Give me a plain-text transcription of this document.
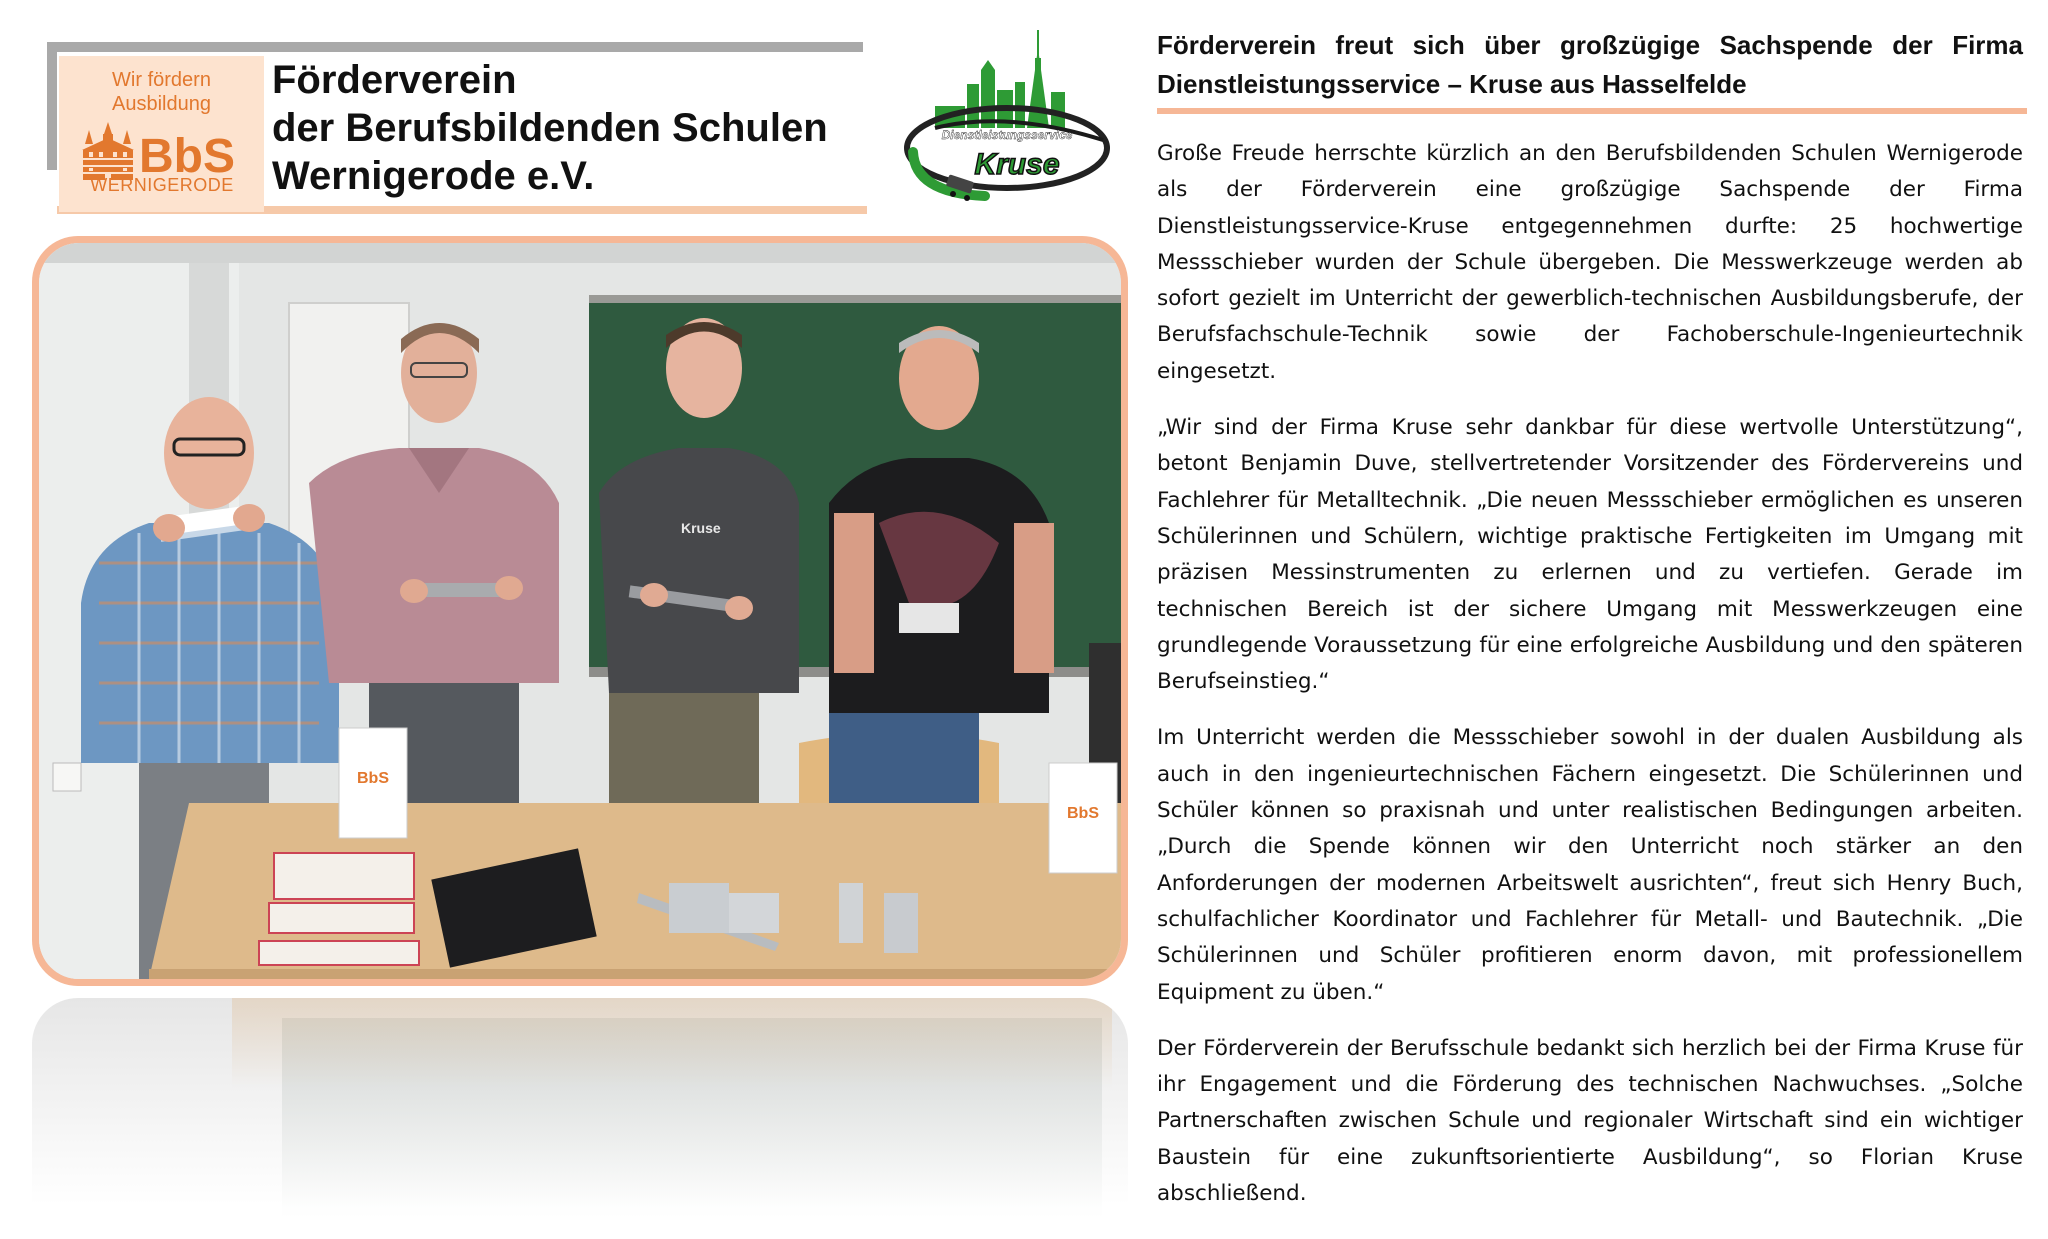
Wir fördern
Ausbildung
BbS
WERNIGERODE
Förderverein
der Berufsbildenden Schulen
Wernigerode e.V.
Dienstleistungsservice
Kruse
Kruse
BbS
BbS
Förderverein freut sich über großzügige Sachspende der Firma Dienstleistungsservice – Kruse aus Hasselfelde

Große Freude herrschte kürzlich an den Berufsbildenden Schulen Wernigerode als der Förderverein eine großzügige Sachspende der Firma Dienstleistungsservice-Kruse entgegennehmen durfte: 25 hochwertige Messschieber wurden der Schule übergeben. Die Messwerkzeuge werden ab sofort gezielt im Unterricht der gewerblich-technischen Ausbildungsberufe, der Berufsfachschule-Technik sowie der Fachoberschule-Ingenieurtechnik eingesetzt.

„Wir sind der Firma Kruse sehr dankbar für diese wertvolle Unterstützung“, betont Benjamin Duve, stellvertretender Vorsitzender des Fördervereins und Fachlehrer für Metalltechnik. „Die neuen Messschieber ermöglichen es unseren Schülerinnen und Schülern, wichtige praktische Fertigkeiten im Umgang mit präzisen Messinstrumenten zu erlernen und zu vertiefen. Gerade im technischen Bereich ist der sichere Umgang mit Messwerkzeugen eine grundlegende Voraussetzung für eine erfolgreiche Ausbildung und den späteren Berufseinstieg.“

Im Unterricht werden die Messschieber sowohl in der dualen Ausbildung als auch in den ingenieurtechnischen Fächern eingesetzt. Die Schülerinnen und Schüler können so praxisnah und unter realistischen Bedingungen arbeiten. „Durch die Spende können wir den Unterricht noch stärker an den Anforderungen der modernen Arbeitswelt ausrichten“, freut sich Henry Buch, schulfachlicher Koordinator und Fachlehrer für Metall- und Bautechnik. „Die Schülerinnen und Schüler profitieren enorm davon, mit professionellem Equipment zu üben.“

Der Förderverein der Berufsschule bedankt sich herzlich bei der Firma Kruse für ihr Engagement und die Förderung des technischen Nachwuchses. „Solche Partnerschaften zwischen Schule und regionaler Wirtschaft sind ein wichtiger Baustein für eine zukunftsorientierte Ausbildung“, so Florian Kruse abschließend.
